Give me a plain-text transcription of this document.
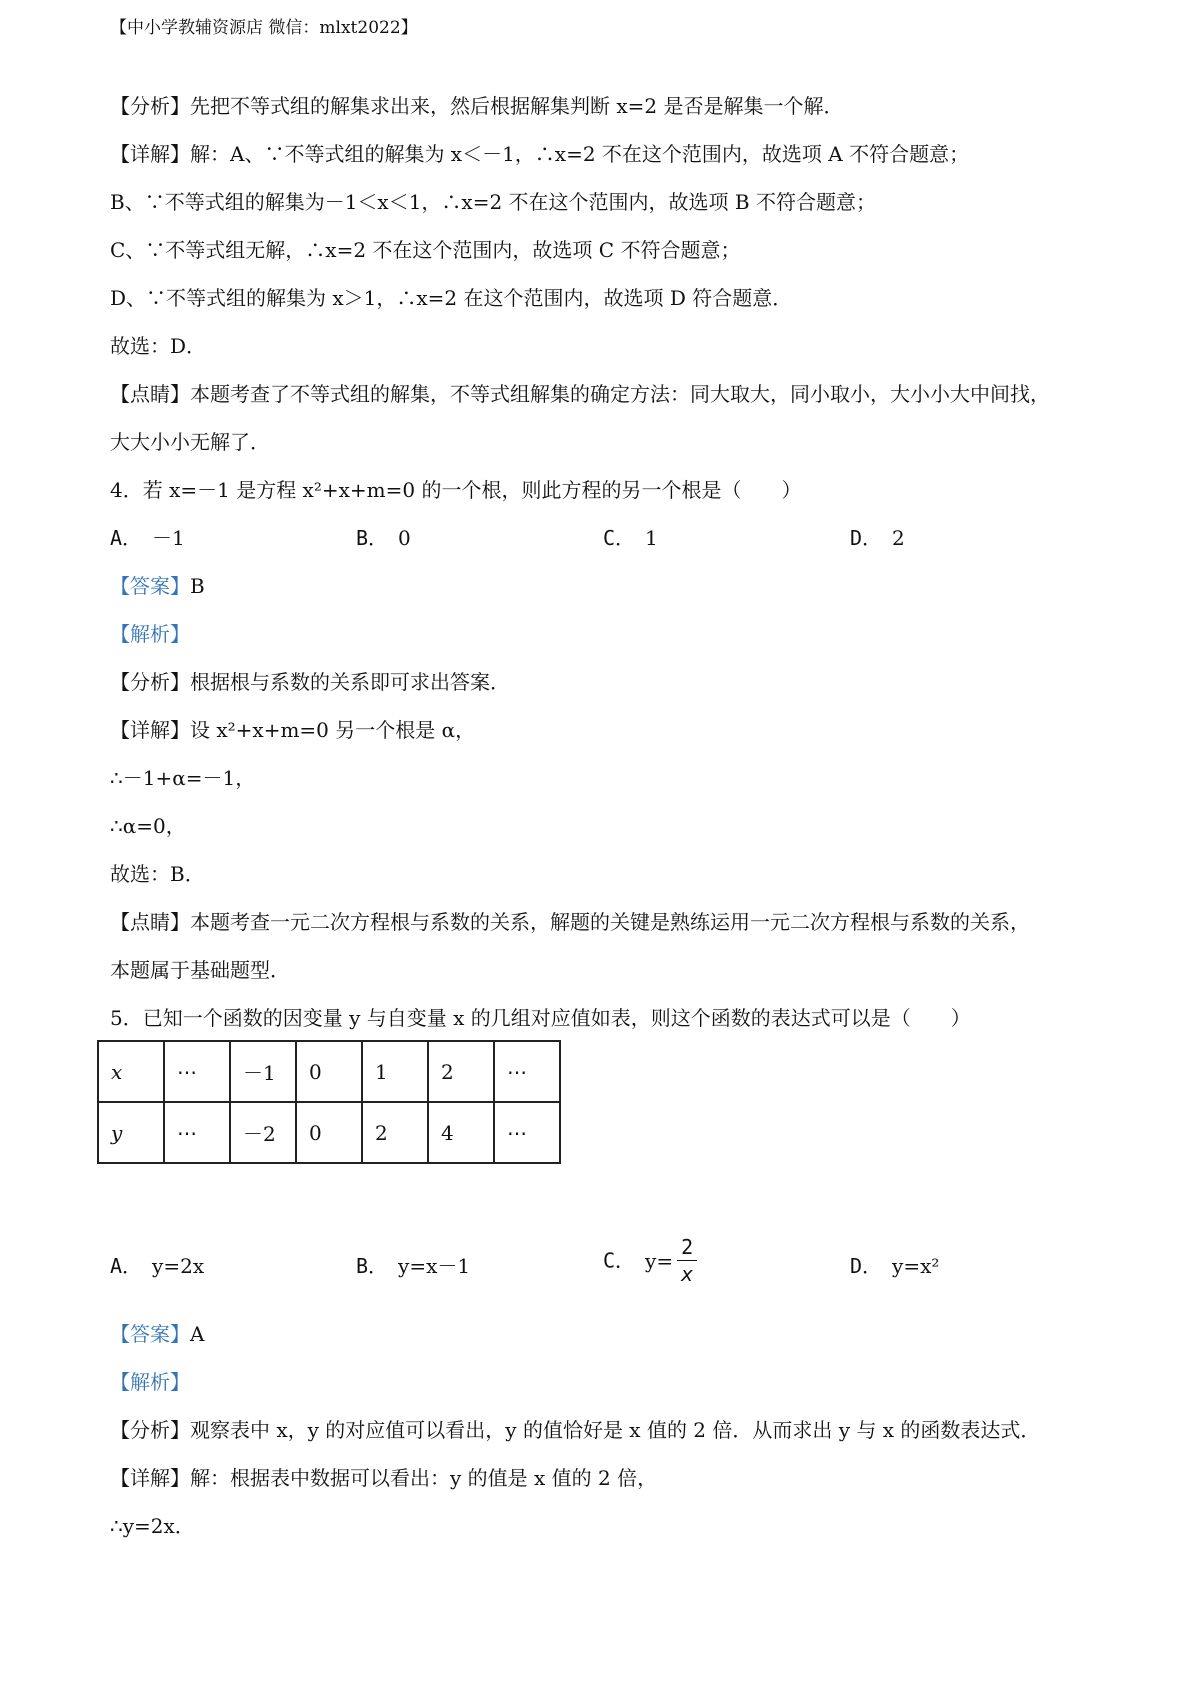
【中小学教辅资源店 微信：mlxt2022】
【分析】先把不等式组的解集求出来，然后根据解集判断 x=2 是否是解集一个解．
【详解】解：A、∵不等式组的解集为 x＜－1，∴x=2 不在这个范围内，故选项 A 不符合题意；
B、∵不等式组的解集为－1＜x＜1，∴x=2 不在这个范围内，故选项 B 不符合题意；
C、∵不等式组无解，∴x=2 不在这个范围内，故选项 C 不符合题意；
D、∵不等式组的解集为 x＞1，∴x=2 在这个范围内，故选项 D 符合题意．
故选：D．
【点睛】本题考查了不等式组的解集，不等式组解集的确定方法：同大取大，同小取小，大小小大中间找，
大大小小无解了．
4．若 x=－1 是方程 x²+x+m=0 的一个根，则此方程的另一个根是（　　）
A． －1	B． 0	C． 1	D． 2
【答案】B
【解析】
【分析】根据根与系数的关系即可求出答案．
【详解】设 x²+x+m=0 另一个根是 α，
∴－1+α=－1，
∴α=0，
故选：B．
【点睛】本题考查一元二次方程根与系数的关系，解题的关键是熟练运用一元二次方程根与系数的关系，
本题属于基础题型．
5．已知一个函数的因变量 y 与自变量 x 的几组对应值如表，则这个函数的表达式可以是（　　）
x	⋯	－1	0	1	2	⋯
y	⋯	－2	0	2	4	⋯
A． y=2x	B． y=x－1	C． $y= \frac{2}{x}$	D． y=x²
【答案】A
【解析】
【分析】观察表中 x，y 的对应值可以看出，y 的值恰好是 x 值的 2 倍．从而求出 y 与 x 的函数表达式．
【详解】解：根据表中数据可以看出：y 的值是 x 值的 2 倍，
∴y=2x．
